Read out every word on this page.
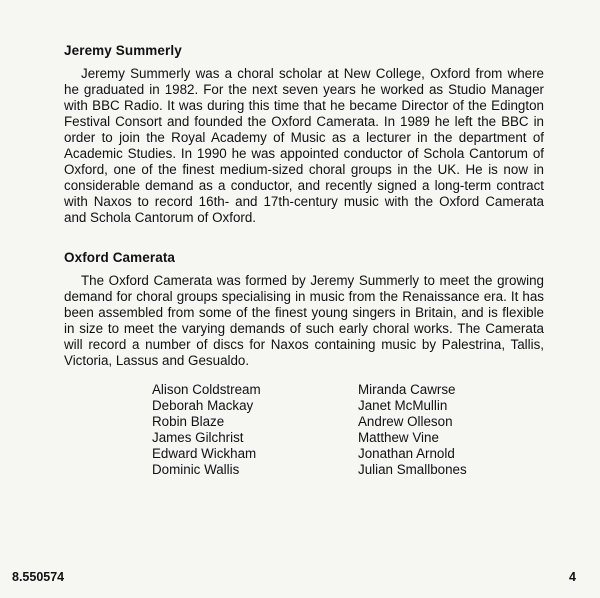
Jeremy Summerly

Jeremy Summerly was a choral scholar at New College, Oxford from where he graduated in 1982. For the next seven years he worked as Studio Manager with BBC Radio. It was during this time that he became Director of the Edington Festival Consort and founded the Oxford Camerata. In 1989 he left the BBC in order to join the Royal Academy of Music as a lecturer in the department of Academic Studies. In 1990 he was appointed conductor of Schola Cantorum of Oxford, one of the finest medium-sized choral groups in the UK. He is now in considerable demand as a conductor, and recently signed a long-term contract with Naxos to record 16th- and 17th-century music with the Oxford Camerata and Schola Cantorum of Oxford.

Oxford Camerata

The Oxford Camerata was formed by Jeremy Summerly to meet the growing demand for choral groups specialising in music from the Renaissance era. It has been assembled from some of the finest young singers in Britain, and is flexible in size to meet the varying demands of such early choral works. The Camerata will record a number of discs for Naxos containing music by Palestrina, Tallis, Victoria, Lassus and Gesualdo.

Alison Coldstream
Deborah Mackay
Robin Blaze
James Gilchrist
Edward Wickham
Dominic Wallis
Miranda Cawrse
Janet McMullin
Andrew Olleson
Matthew Vine
Jonathan Arnold
Julian Smallbones
8.550574	4
